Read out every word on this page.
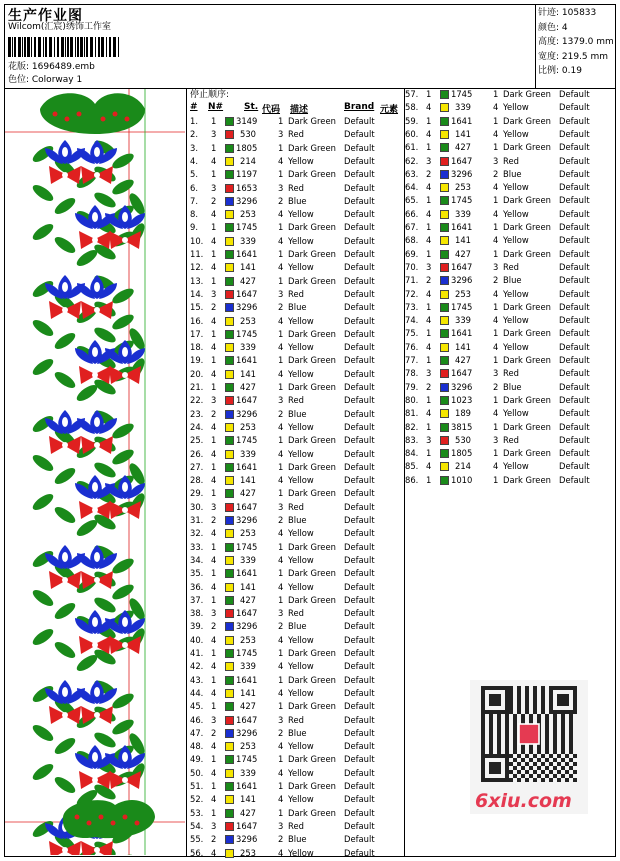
生产作业图
Wilcom(汇宸)绣饰工作室
花版: 1696489.emb
色位: Colorway 1
针迹: 105833
颜色: 4
高度: 1379.0 mm
宽度: 219.5 mm
比例: 0.19
停止顺序:
# N# St. 代码 描述	Brand 元素
1. 1 3149 1 Dark Green Default
2. 3	530	3 Red	Default
3. 1 1805 1 Dark Green Default
4. 4	214	4 Yellow	Default
5. 1 1197 1 Dark Green Default
6. 3 1653 3 Red	Default
7. 2 3296 2 Blue	Default
8. 4	253	4 Yellow	Default
9. 1 1745 1 Dark Green Default
10. 4	339	4 Yellow	Default
11. 1 1641 1 Dark Green Default
12. 4	141	4 Yellow	Default
13. 1	427	1 Dark Green Default
14. 3 1647 3 Red	Default
15. 2 3296 2 Blue	Default
16. 4	253	4 Yellow	Default
17. 1 1745 1 Dark Green Default
18. 4	339	4 Yellow	Default
19. 1 1641 1 Dark Green Default
20. 4	141	4 Yellow	Default
21. 1	427	1 Dark Green Default
22. 3 1647 3 Red	Default
23. 2 3296 2 Blue	Default
24. 4	253	4 Yellow	Default
25. 1 1745 1 Dark Green Default
26. 4	339	4 Yellow	Default
27. 1 1641 1 Dark Green Default
28. 4	141	4 Yellow	Default
29. 1	427	1 Dark Green Default
30. 3 1647 3 Red	Default
31. 2 3296 2 Blue	Default
32. 4	253	4 Yellow	Default
33. 1 1745 1 Dark Green Default
34. 4	339	4 Yellow	Default
35. 1 1641 1 Dark Green Default
36. 4	141	4 Yellow	Default
37. 1	427	1 Dark Green Default
38. 3 1647 3 Red	Default
39. 2 3296 2 Blue	Default
40. 4	253	4 Yellow	Default
41. 1 1745 1 Dark Green Default
42. 4	339	4 Yellow	Default
43. 1 1641 1 Dark Green Default
44. 4	141	4 Yellow	Default
45. 1	427	1 Dark Green Default
46. 3 1647 3 Red	Default
47. 2 3296 2 Blue	Default
48. 4	253	4 Yellow	Default
49. 1 1745 1 Dark Green Default
50. 4	339	4 Yellow	Default
51. 1 1641 1 Dark Green Default
52. 4	141	4 Yellow	Default
53. 1	427	1 Dark Green Default
54. 3 1647 3 Red	Default
55. 2 3296 2 Blue	Default
56. 4	253	4 Yellow	Default
57. 1 1745 1 Dark Green Default
58. 4	339	4 Yellow	Default
59. 1 1641 1 Dark Green Default
60. 4	141	4 Yellow	Default
61. 1	427	1 Dark Green Default
62. 3 1647 3 Red	Default
63. 2 3296 2 Blue	Default
64. 4	253	4 Yellow	Default
65. 1 1745 1 Dark Green Default
66. 4	339	4 Yellow	Default
67. 1 1641 1 Dark Green Default
68. 4	141	4 Yellow	Default
69. 1	427	1 Dark Green Default
70. 3 1647 3 Red	Default
71. 2 3296 2 Blue	Default
72. 4	253	4 Yellow	Default
73. 1 1745 1 Dark Green Default
74. 4	339	4 Yellow	Default
75. 1 1641 1 Dark Green Default
76. 4	141	4 Yellow	Default
77. 1	427	1 Dark Green Default
78. 3 1647 3 Red	Default
79. 2 3296 2 Blue	Default
80. 1 1023 1 Dark Green Default
81. 4	189	4 Yellow	Default
82. 1 3815 1 Dark Green Default
83. 3	530	3 Red	Default
84. 1 1805 1 Dark Green Default
85. 4	214	4 Yellow	Default
86. 1 1010 1 Dark Green Default
6xiu.com
